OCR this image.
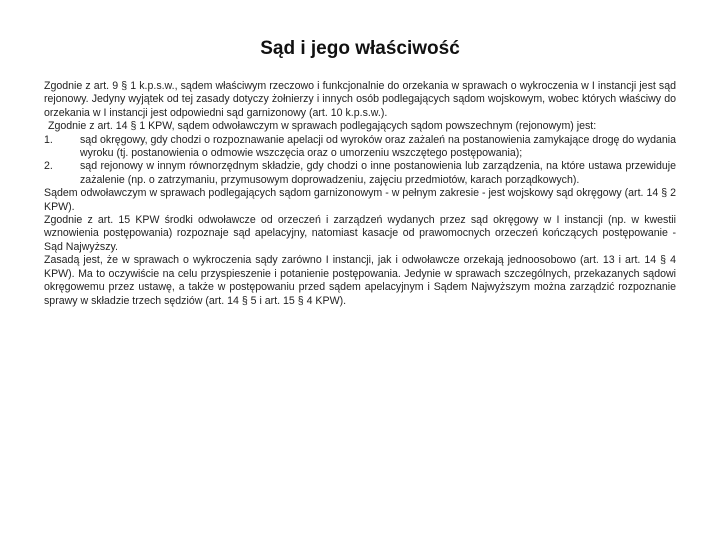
Sąd i jego właściwość

Zgodnie z art. 9 § 1 k.p.s.w., sądem właściwym rzeczowo i funkcjonalnie do orzekania w sprawach o wykroczenia w I instancji jest sąd rejonowy. Jedyny wyjątek od tej zasady dotyczy żołnierzy i innych osób podlegających sądom wojskowym, wobec których właściwy do orzekania w I instancji jest odpowiedni sąd garnizonowy (art. 10 k.p.s.w.).

Zgodnie z art. 14 § 1 KPW, sądem odwoławczym w sprawach podlegających sądom powszechnym (rejonowym) jest:

1.	sąd okręgowy, gdy chodzi o rozpoznawanie apelacji od wyroków oraz zażaleń na postanowienia zamykające drogę do wydania wyroku (tj. postanowienia o odmowie wszczęcia oraz o umorzeniu wszczętego postępowania);
2.	sąd rejonowy w innym równorzędnym składzie, gdy chodzi o inne postanowienia lub zarządzenia, na które ustawa przewiduje zażalenie (np. o zatrzymaniu, przymusowym doprowadzeniu, zajęciu przedmiotów, karach porządkowych).

Sądem odwoławczym w sprawach podlegających sądom garnizonowym - w pełnym zakresie - jest wojskowy sąd okręgowy (art. 14 § 2 KPW).

Zgodnie z art. 15 KPW środki odwoławcze od orzeczeń i zarządzeń wydanych przez sąd okręgowy w I instancji (np. w kwestii wznowienia postępowania) rozpoznaje sąd apelacyjny, natomiast kasacje od prawomocnych orzeczeń kończących postępowanie - Sąd Najwyższy.

Zasadą jest, że w sprawach o wykroczenia sądy zarówno I instancji, jak i odwoławcze orzekają jednoosobowo (art. 13 i art. 14 § 4 KPW). Ma to oczywiście na celu przyspieszenie i potanienie postępowania. Jedynie w sprawach szczególnych, przekazanych sądowi okręgowemu przez ustawę, a także w postępowaniu przed sądem apelacyjnym i Sądem Najwyższym można zarządzić rozpoznanie sprawy w składzie trzech sędziów (art. 14 § 5 i art. 15 § 4 KPW).
